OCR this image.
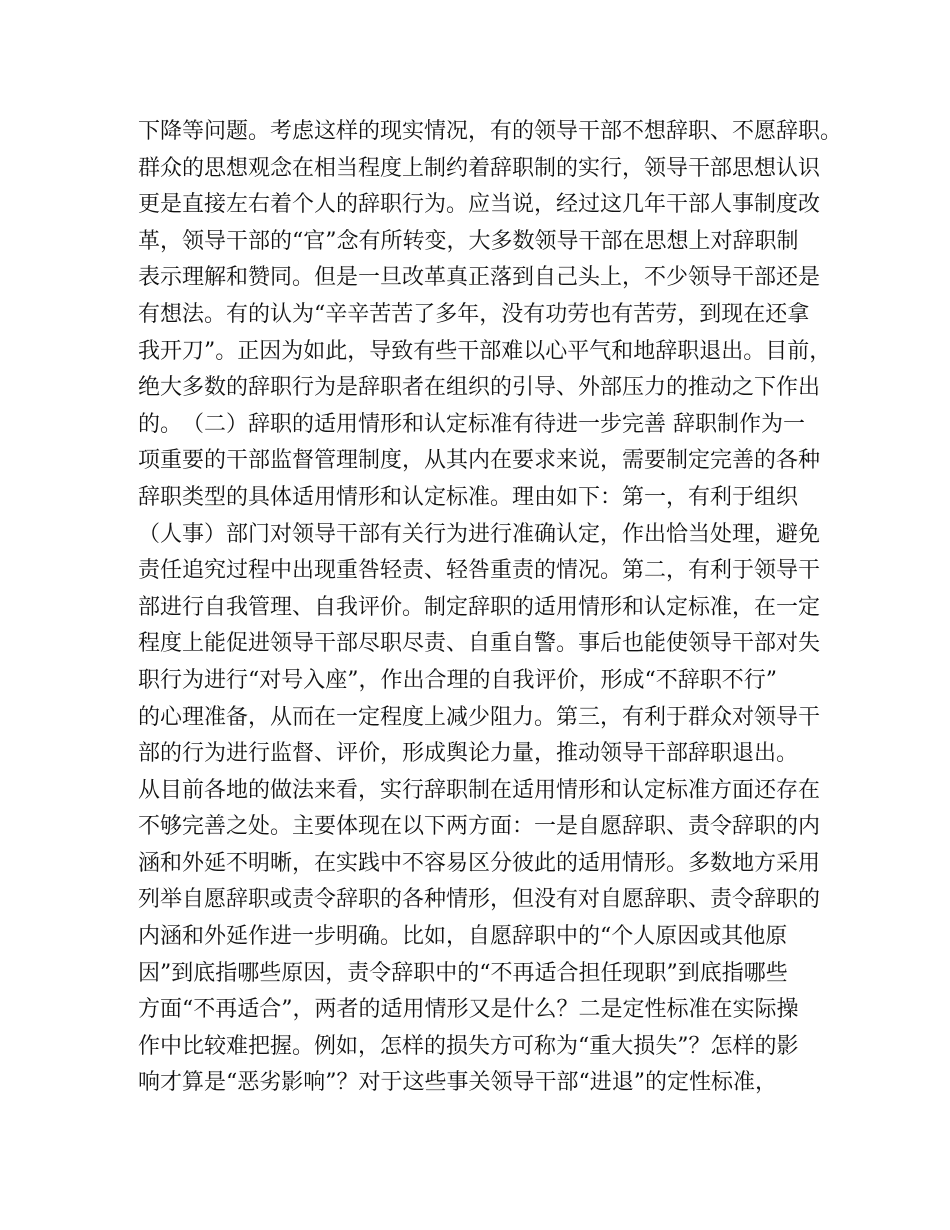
下降等问题。考虑这样的现实情况，有的领导干部不想辞职、不愿辞职。
群众的思想观念在相当程度上制约着辞职制的实行，领导干部思想认识
更是直接左右着个人的辞职行为。应当说，经过这几年干部人事制度改
革，领导干部的“官”念有所转变，大多数领导干部在思想上对辞职制
表示理解和赞同。但是一旦改革真正落到自己头上，不少领导干部还是
有想法。有的认为“辛辛苦苦了多年，没有功劳也有苦劳，到现在还拿
我开刀”。正因为如此，导致有些干部难以心平气和地辞职退出。目前，
绝大多数的辞职行为是辞职者在组织的引导、外部压力的推动之下作出
的。　（二）辞职的适用情形和认定标准有待进一步完善 辞职制作为一
项重要的干部监督管理制度，从其内在要求来说，需要制定完善的各种
辞职类型的具体适用情形和认定标准。理由如下：第一，有利于组织
（人事）部门对领导干部有关行为进行准确认定，作出恰当处理，避免
责任追究过程中出现重咎轻责、轻咎重责的情况。第二，有利于领导干
部进行自我管理、自我评价。制定辞职的适用情形和认定标准，在一定
程度上能促进领导干部尽职尽责、自重自警。事后也能使领导干部对失
职行为进行“对号入座”，作出合理的自我评价，形成“不辞职不行”
的心理准备，从而在一定程度上减少阻力。第三，有利于群众对领导干
部的行为进行监督、评价，形成舆论力量，推动领导干部辞职退出。
从目前各地的做法来看，实行辞职制在适用情形和认定标准方面还存在
不够完善之处。主要体现在以下两方面：一是自愿辞职、责令辞职的内
涵和外延不明晰，在实践中不容易区分彼此的适用情形。多数地方采用
列举自愿辞职或责令辞职的各种情形，但没有对自愿辞职、责令辞职的
内涵和外延作进一步明确。比如，自愿辞职中的“个人原因或其他原
因”到底指哪些原因，责令辞职中的“不再适合担任现职”到底指哪些
方面“不再适合”，两者的适用情形又是什么？二是定性标准在实际操
作中比较难把握。例如，怎样的损失方可称为“重大损失”？怎样的影
响才算是“恶劣影响”？对于这些事关领导干部“进退”的定性标准，
